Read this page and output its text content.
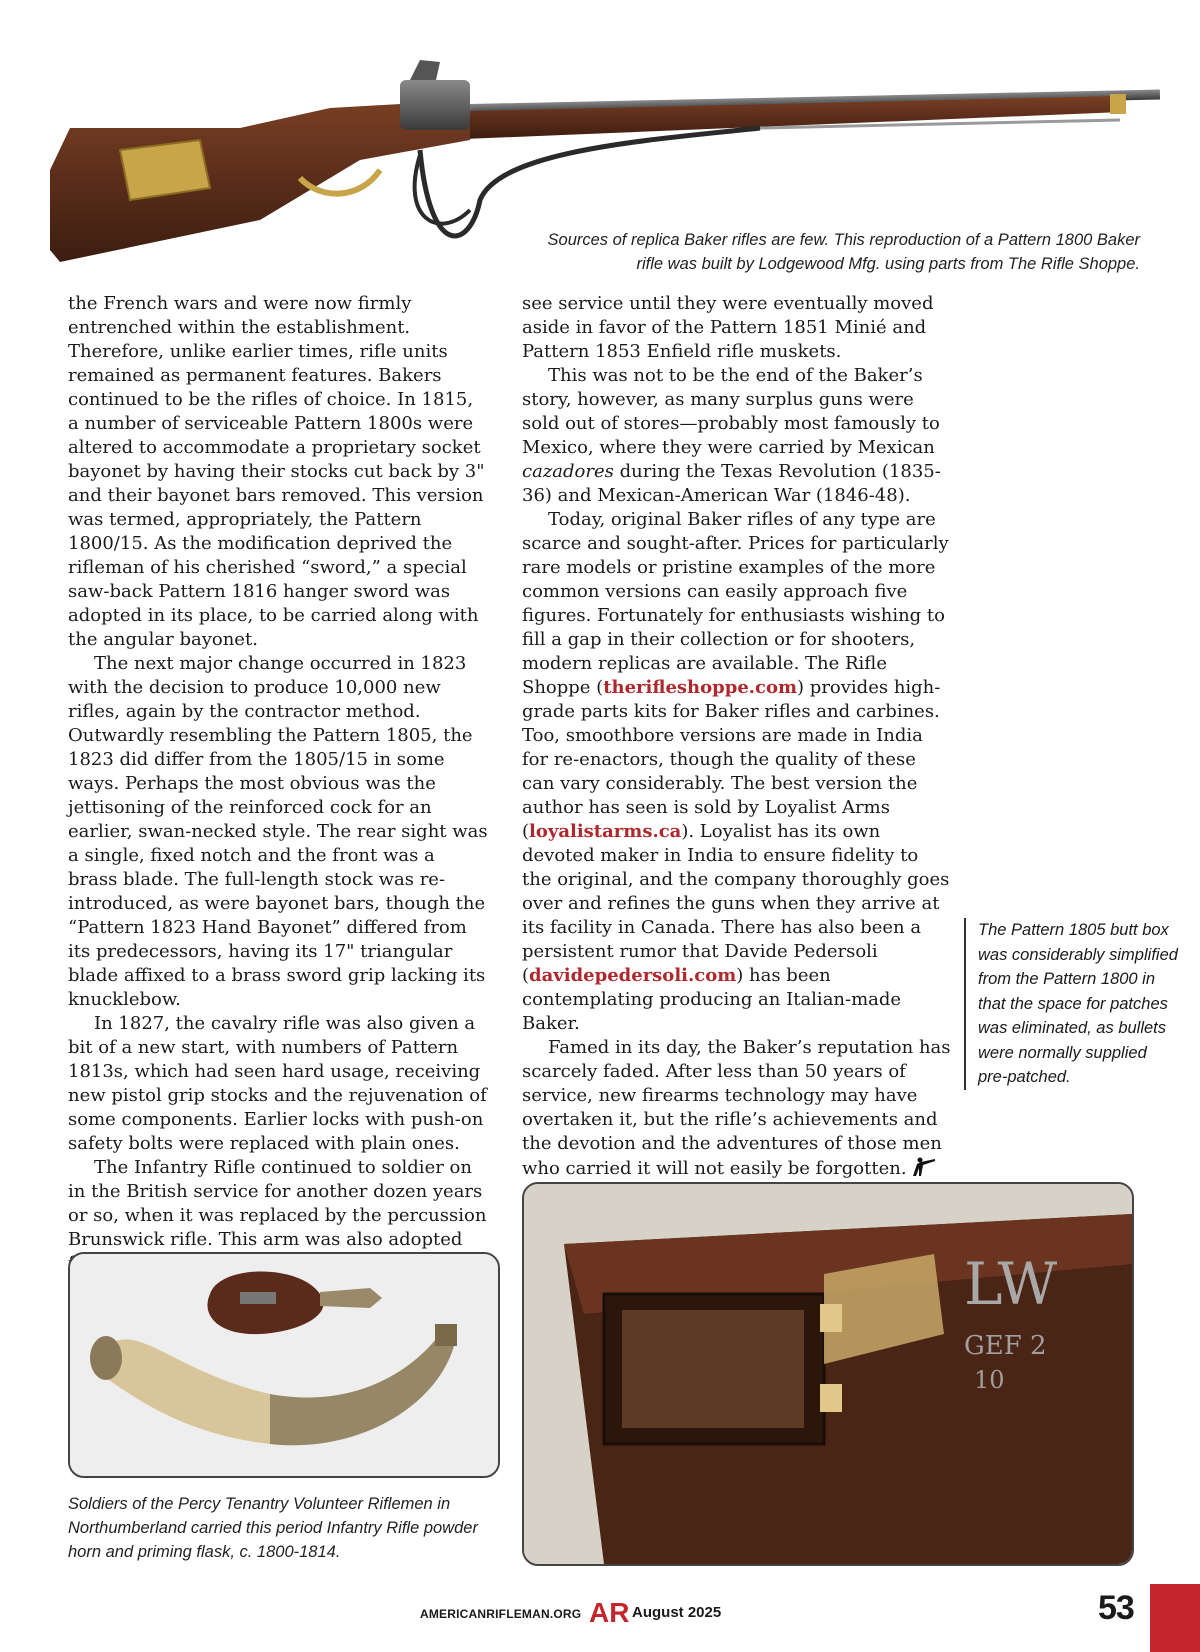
Sources of replica Baker rifles are few. This reproduction of a Pattern 1800 Baker rifle was built by Lodgewood Mfg. using parts from The Rifle Shoppe.

the French wars and were now firmly entrenched within the establishment. Therefore, unlike earlier times, rifle units remained as permanent features. Bakers continued to be the rifles of choice. In 1815, a number of serviceable Pattern 1800s were altered to accommodate a proprietary socket bayonet by having their stocks cut back by 3" and their bayonet bars removed. This version was termed, appropriately, the Pattern 1800/15. As the modification deprived the rifleman of his cherished “sword,” a special saw-back Pattern 1816 hanger sword was adopted in its place, to be carried along with the angular bayonet.

The next major change occurred in 1823 with the decision to produce 10,000 new rifles, again by the contractor method. Outwardly resembling the Pattern 1805, the 1823 did differ from the 1805/15 in some ways. Perhaps the most obvious was the jettisoning of the reinforced cock for an earlier, swan-necked style. The rear sight was a single, fixed notch and the front was a brass blade. The full-length stock was re-introduced, as were bayonet bars, though the “Pattern 1823 Hand Bayonet” differed from its predecessors, having its 17" triangular blade affixed to a brass sword grip lacking its knucklebow.

In 1827, the cavalry rifle was also given a bit of a new start, with numbers of Pattern 1813s, which had seen hard usage, receiving new pistol grip stocks and the rejuvenation of some components. Earlier locks with push-on safety bolts were replaced with plain ones.

The Infantry Rifle continued to soldier on in the British service for another dozen years or so, when it was replaced by the percussion Brunswick rifle. This arm was also adopted

see service until they were eventually moved aside in favor of the Pattern 1851 Minié and Pattern 1853 Enfield rifle muskets.

This was not to be the end of the Baker’s story, however, as many surplus guns were sold out of stores—probably most famously to Mexico, where they were carried by Mexican cazadores during the Texas Revolution (1835-36) and Mexican-American War (1846-48).

Today, original Baker rifles of any type are scarce and sought-after. Prices for particularly rare models or pristine examples of the more common versions can easily approach five figures. Fortunately for enthusiasts wishing to fill a gap in their collection or for shooters, modern replicas are available. The Rifle Shoppe (therifleshoppe.com) provides high-grade parts kits for Baker rifles and carbines. Too, smoothbore versions are made in India for re-enactors, though the quality of these can vary considerably. The best version the author has seen is sold by Loyalist Arms (loyalistarms.ca). Loyalist has its own devoted maker in India to ensure fidelity to the original, and the company thoroughly goes over and refines the guns when they arrive at its facility in Canada. There has also been a persistent rumor that Davide Pedersoli (davidepedersoli.com) has been contemplating producing an Italian-made Baker.

Famed in its day, the Baker’s reputation has scarcely faded. After less than 50 years of service, new firearms technology may have overtaken it, but the rifle’s achievements and the devotion and the adventures of those men who carried it will not easily be forgotten.

The Pattern 1805 butt box was considerably simplified from the Pattern 1800 in that the space for patches was eliminated, as bullets were normally supplied pre-patched.
Soldiers of the Percy Tenantry Volunteer Riflemen in Northumberland carried this period Infantry Rifle powder horn and priming flask, c. 1800-1814.
LW
GEF 2
10
AMERICANRIFLEMAN.ORG AR August 2025	53
